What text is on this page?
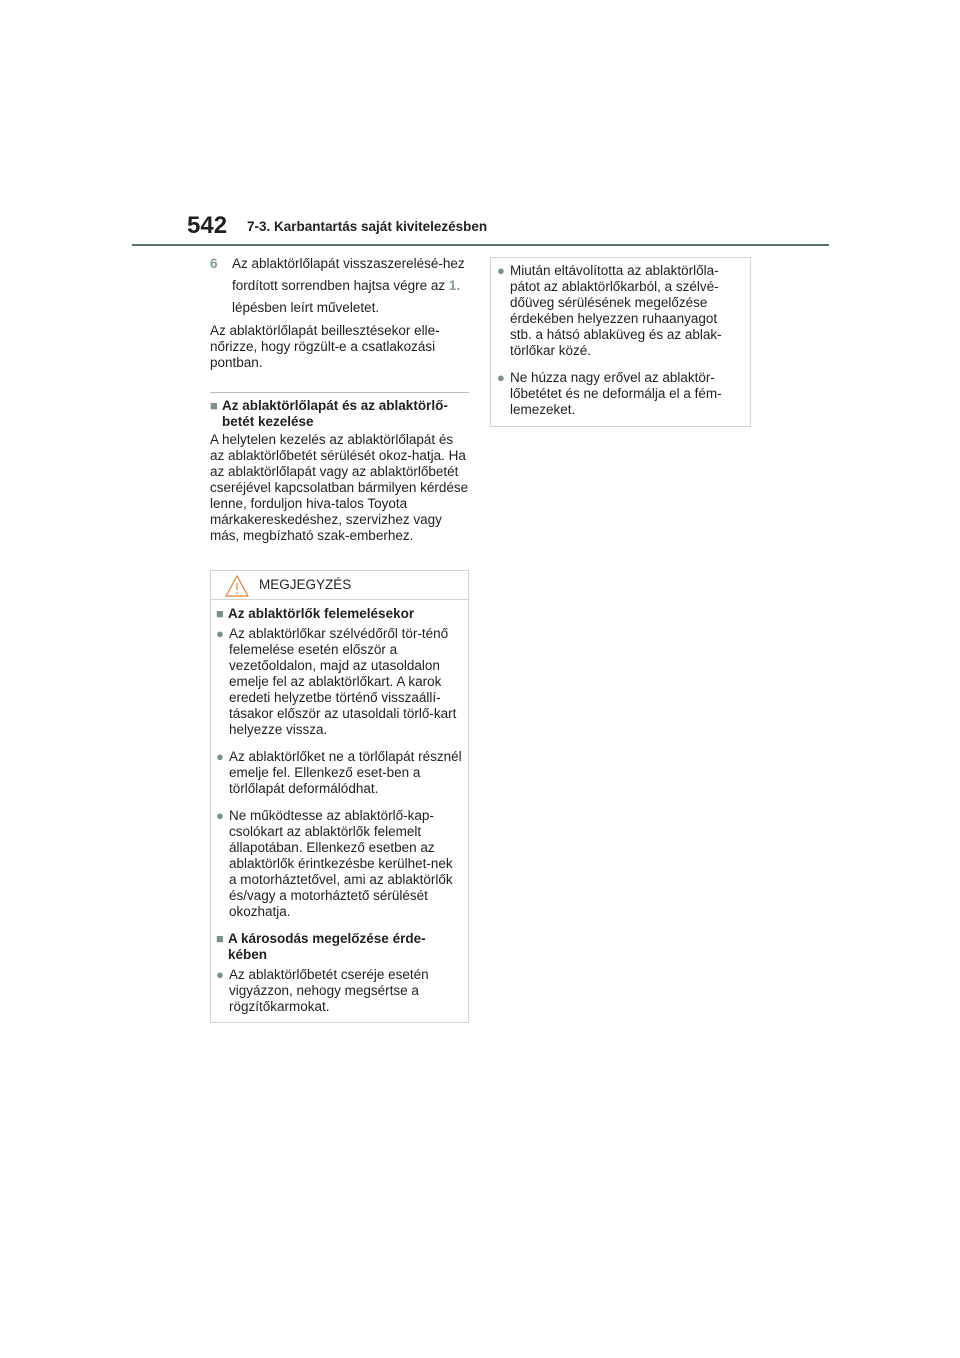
542 7-3. Karbantartás saját kivitelezésben
6	Az ablaktörlőlapát visszaszerelésé-hez fordított sorrendben hajtsa végre az 1. lépésben leírt műveletet.

Az ablaktörlőlapát beillesztésekor elle-nőrizze, hogy rögzült-e a csatlakozási pontban.

■ Az ablaktörlőlapát és az ablaktörlő-betét kezelése
A helytelen kezelés az ablaktörlőlapát és az ablaktörlőbetét sérülését okoz-hatja. Ha az ablaktörlőlapát vagy az ablaktörlőbetét cseréjével kapcsolatban bármilyen kérdése lenne, forduljon hiva-talos Toyota márkakereskedéshez, szervizhez vagy más, megbízható szak-emberhez.
MEGJEGYZÉS
■ Az ablaktörlők felemelésekor
● Az ablaktörlőkar szélvédőről tör-ténő felemelése esetén először a vezetőoldalon, majd az utasoldalon emelje fel az ablaktörlőkart. A karok eredeti helyzetbe történő visszaállí-tásakor először az utasoldali törlő-kart helyezze vissza.
● Az ablaktörlőket ne a törlőlapát résznél emelje fel. Ellenkező eset-ben a törlőlapát deformálódhat.
● Ne működtesse az ablaktörlő-kap-csolókart az ablaktörlők felemelt állapotában. Ellenkező esetben az ablaktörlők érintkezésbe kerülhet-nek a motorháztetővel, ami az ablaktörlők és/vagy a motorháztető sérülését okozhatja.
■ A károsodás megelőzése érde-kében
● Az ablaktörlőbetét cseréje esetén vigyázzon, nehogy megsértse a rögzítőkarmokat.
● Miután eltávolította az ablaktörlőla-pátot az ablaktörlőkarból, a szélvé-dőüveg sérülésének megelőzése érdekében helyezzen ruhaanyagot stb. a hátsó ablaküveg és az ablak-törlőkar közé.
● Ne húzza nagy erővel az ablaktör-lőbetétet és ne deformálja el a fém-lemezeket.
